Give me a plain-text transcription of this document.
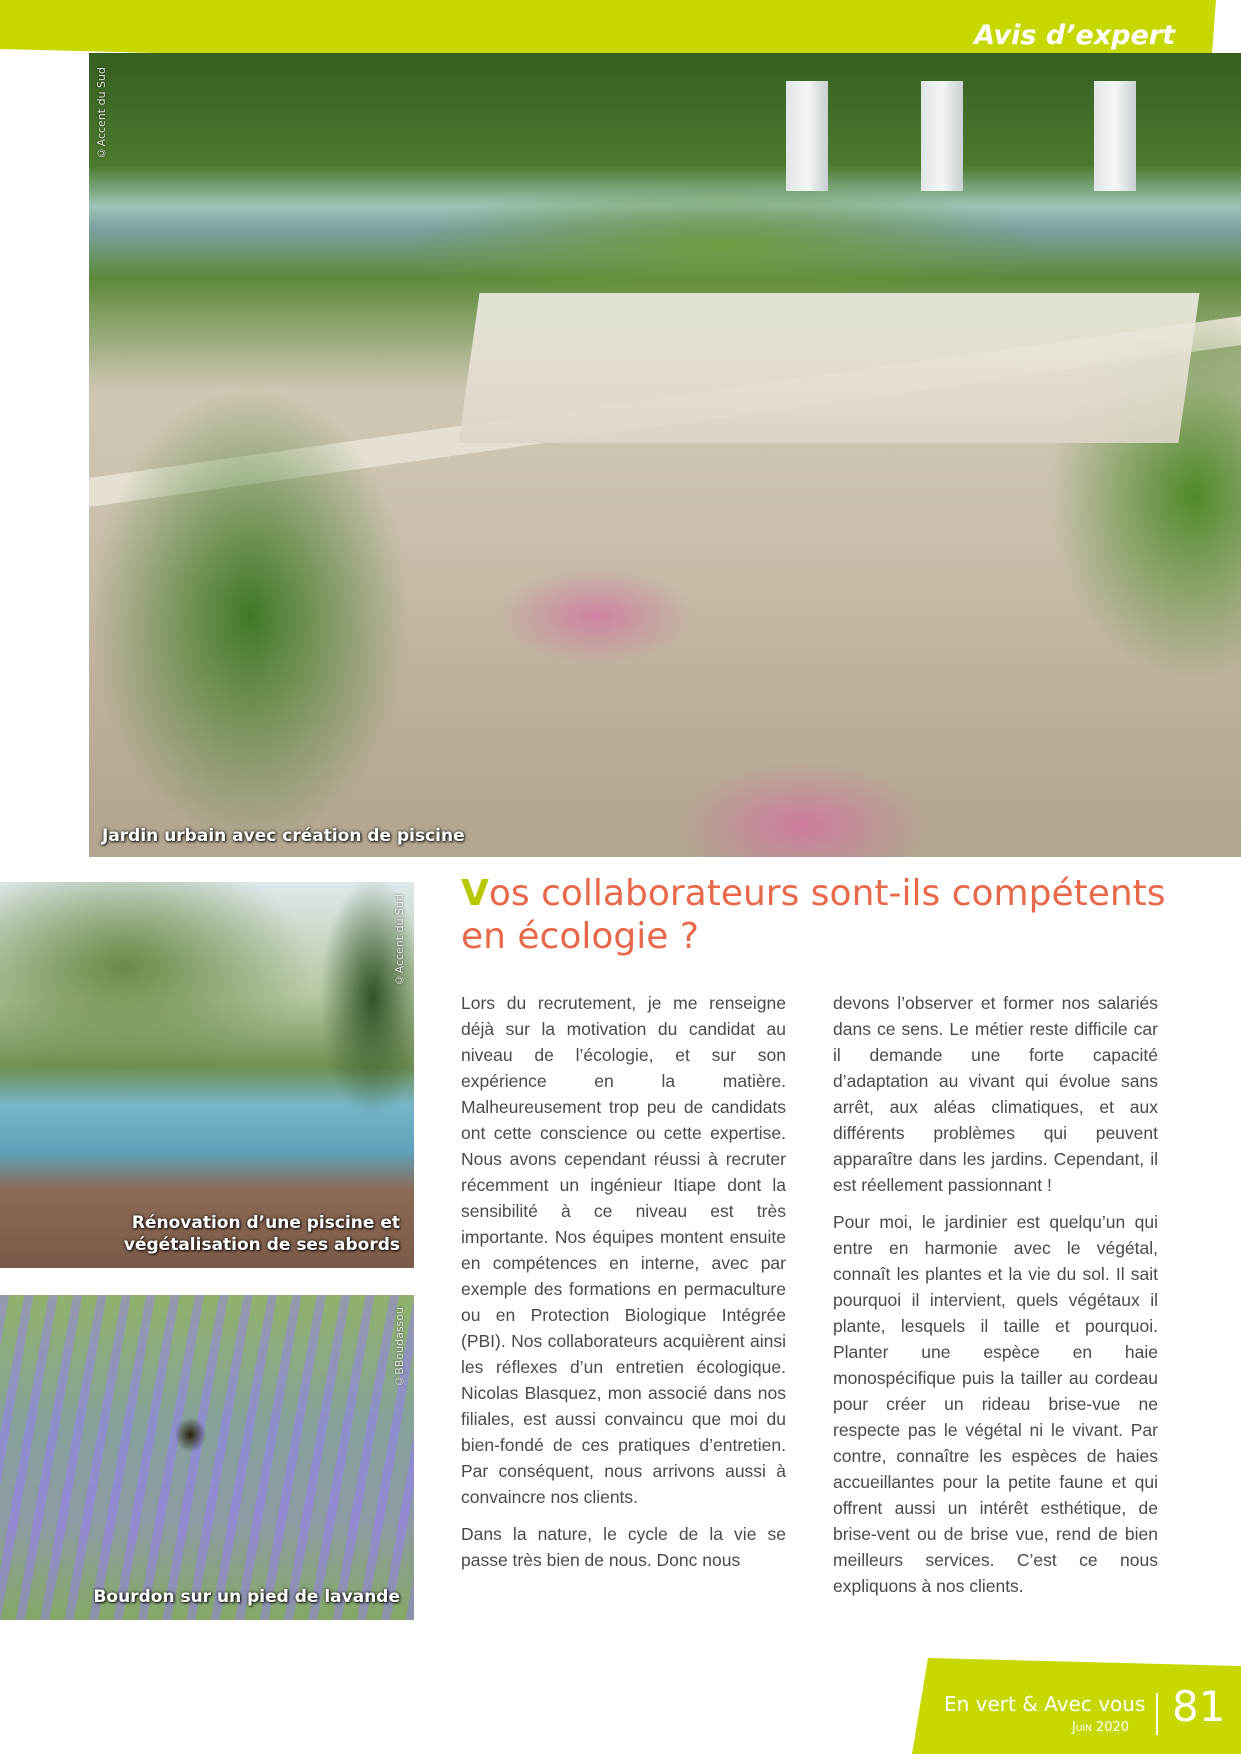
Avis d’expert
©Accent du Sud
Jardin urbain avec création de piscine
©Accent du Sud
Rénovation d’une piscine et
végétalisation de ses abords
©BBoudassou
Bourdon sur un pied de lavande
Vos collaborateurs sont-ils compétents en écologie ?

Lors du recrutement, je me renseigne déjà sur la motivation du candidat au niveau de l’écologie, et sur son expérience en la matière. Malheureusement trop peu de candidats ont cette conscience ou cette expertise. Nous avons cependant réussi à recruter récemment un ingénieur Itiape dont la sensibilité à ce niveau est très importante. Nos équipes montent ensuite en compétences en interne, avec par exemple des formations en permaculture ou en Protection Biologique Intégrée (PBI). Nos collaborateurs acquièrent ainsi les réflexes d’un entretien écologique. Nicolas Blasquez, mon associé dans nos filiales, est aussi convaincu que moi du bien-fondé de ces pratiques d’entretien. Par conséquent, nous arrivons aussi à convaincre nos clients.

Dans la nature, le cycle de la vie se passe très bien de nous. Donc nous

devons l’observer et former nos salariés dans ce sens. Le métier reste difficile car il demande une forte capacité d’adaptation au vivant qui évolue sans arrêt, aux aléas climatiques, et aux différents problèmes qui peuvent apparaître dans les jardins. Cependant, il est réellement passionnant !

Pour moi, le jardinier est quelqu’un qui entre en harmonie avec le végétal, connaît les plantes et la vie du sol. Il sait pourquoi il intervient, quels végétaux il plante, lesquels il taille et pourquoi. Planter une espèce en haie monospécifique puis la tailler au cordeau pour créer un rideau brise-vue ne respecte pas le végétal ni le vivant. Par contre, connaître les espèces de haies accueillantes pour la petite faune et qui offrent aussi un intérêt esthétique, de brise-vent ou de brise vue, rend de bien meilleurs services. C’est ce nous expliquons à nos clients.

En vert & Avec vous
Juin 2020 81
